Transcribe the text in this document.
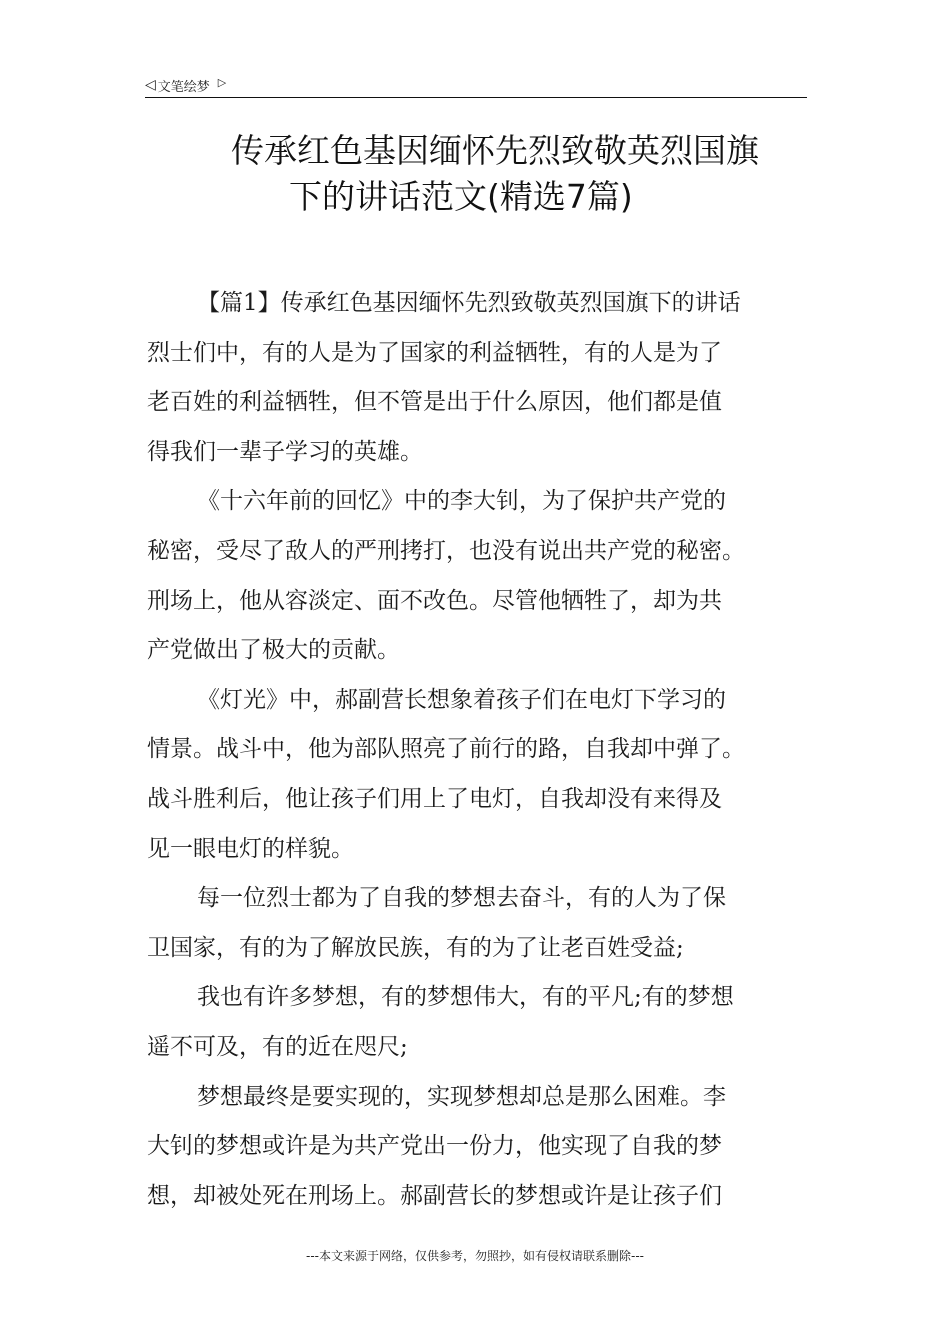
◁ 文笔绘梦 ▷
传承红色基因缅怀先烈致敬英烈国旗
下的讲话范文(精选7篇)
【篇1】传承红色基因缅怀先烈致敬英烈国旗下的讲话
烈士们中，有的人是为了国家的利益牺牲，有的人是为了
老百姓的利益牺牲，但不管是出于什么原因，他们都是值
得我们一辈子学习的英雄。
《十六年前的回忆》中的李大钊，为了保护共产党的
秘密，受尽了敌人的严刑拷打，也没有说出共产党的秘密。
刑场上，他从容淡定、面不改色。尽管他牺牲了，却为共
产党做出了极大的贡献。
《灯光》中，郝副营长想象着孩子们在电灯下学习的
情景。战斗中，他为部队照亮了前行的路，自我却中弹了。
战斗胜利后，他让孩子们用上了电灯，自我却没有来得及
见一眼电灯的样貌。
每一位烈士都为了自我的梦想去奋斗，有的人为了保
卫国家，有的为了解放民族，有的为了让老百姓受益;
我也有许多梦想，有的梦想伟大，有的平凡;有的梦想
遥不可及，有的近在咫尺;
梦想最终是要实现的，实现梦想却总是那么困难。李
大钊的梦想或许是为共产党出一份力，他实现了自我的梦
想，却被处死在刑场上。郝副营长的梦想或许是让孩子们
---本文来源于网络，仅供参考，勿照抄，如有侵权请联系删除---
